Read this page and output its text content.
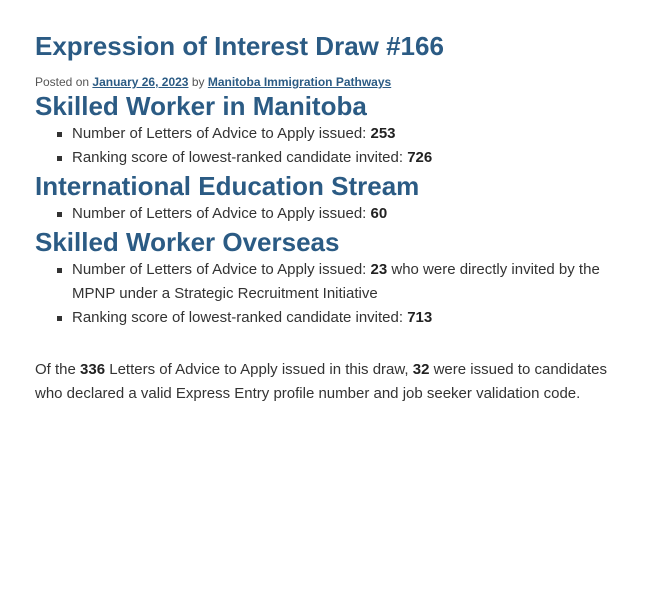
Expression of Interest Draw #166
Posted on January 26, 2023 by Manitoba Immigration Pathways
Skilled Worker in Manitoba
Number of Letters of Advice to Apply issued: 253
Ranking score of lowest-ranked candidate invited: 726
International Education Stream
Number of Letters of Advice to Apply issued: 60
Skilled Worker Overseas
Number of Letters of Advice to Apply issued: 23 who were directly invited by the MPNP under a Strategic Recruitment Initiative
Ranking score of lowest-ranked candidate invited: 713

Of the 336 Letters of Advice to Apply issued in this draw, 32 were issued to candidates who declared a valid Express Entry profile number and job seeker validation code.
